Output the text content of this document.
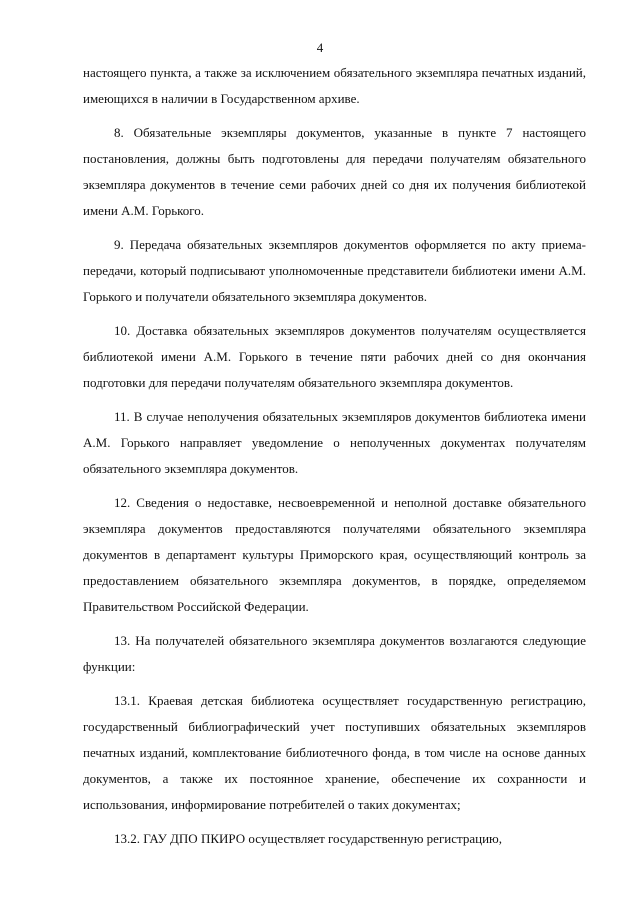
4

настоящего пункта, а также за исключением обязательного экземпляра печатных изданий, имеющихся в наличии в Государственном архиве.

8. Обязательные экземпляры документов, указанные в пункте 7 настоящего постановления, должны быть подготовлены для передачи получателям обязательного экземпляра документов в течение семи рабочих дней со дня их получения библиотекой имени А.М. Горького.

9. Передача обязательных экземпляров документов оформляется по акту приема-передачи, который подписывают уполномоченные представители библиотеки имени А.М. Горького и получатели обязательного экземпляра документов.

10. Доставка обязательных экземпляров документов получателям осуществляется библиотекой имени А.М. Горького в течение пяти рабочих дней со дня окончания подготовки для передачи получателям обязательного экземпляра документов.

11. В случае неполучения обязательных экземпляров документов библиотека имени А.М. Горького направляет уведомление о неполученных документах получателям обязательного экземпляра документов.

12. Сведения о недоставке, несвоевременной и неполной доставке обязательного экземпляра документов предоставляются получателями обязательного экземпляра документов в департамент культуры Приморского края, осуществляющий контроль за предоставлением обязательного экземпляра документов, в порядке, определяемом Правительством Российской Федерации.

13. На получателей обязательного экземпляра документов возлагаются следующие функции:

13.1. Краевая детская библиотека осуществляет государственную регистрацию, государственный библиографический учет поступивших обязательных экземпляров печатных изданий, комплектование библиотечного фонда, в том числе на основе данных документов, а также их постоянное хранение, обеспечение их сохранности и использования, информирование потребителей о таких документах;

13.2. ГАУ ДПО ПКИРО осуществляет государственную регистрацию,
